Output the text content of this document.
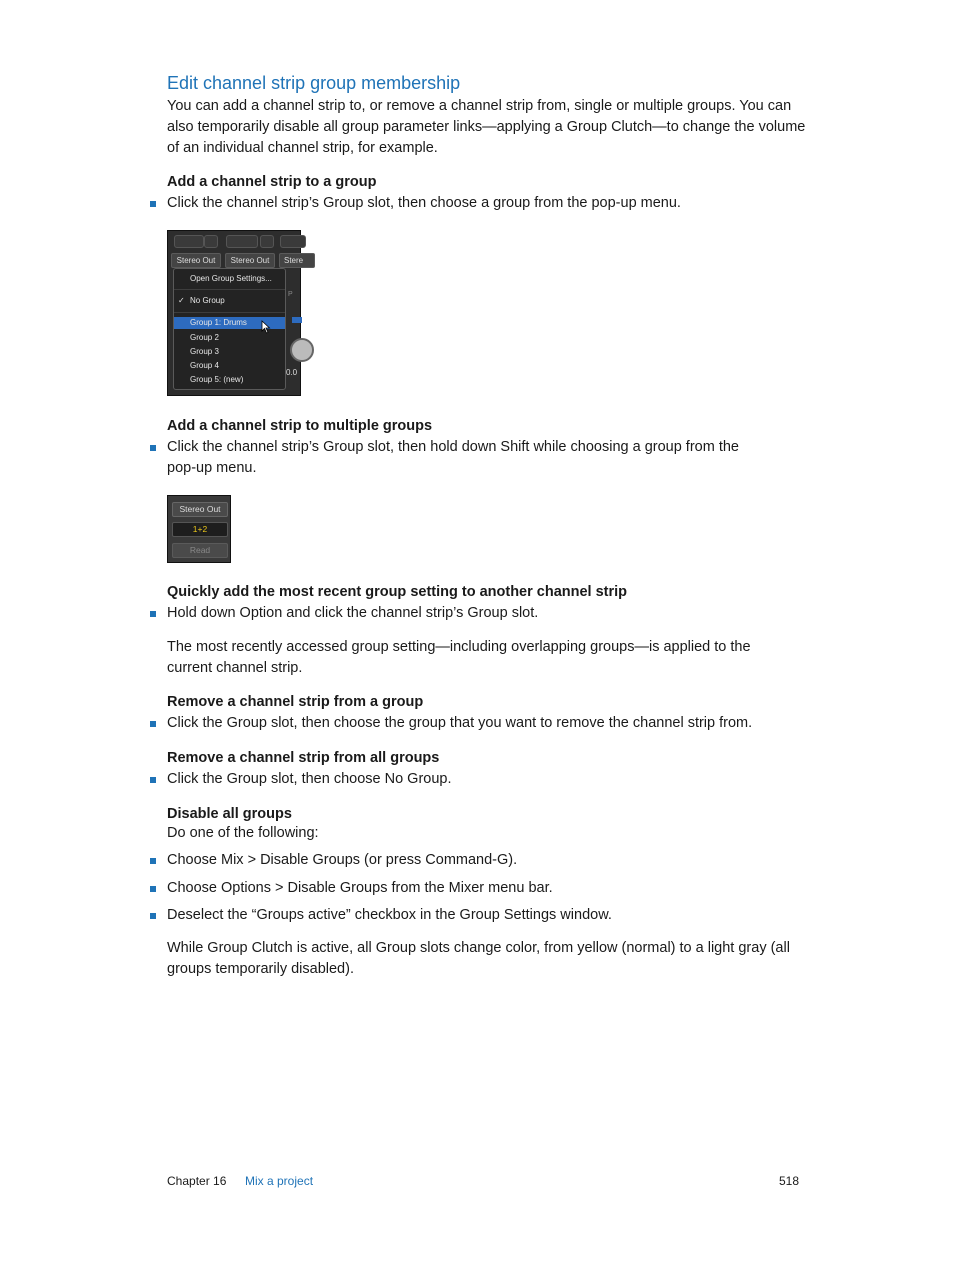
Edit channel strip group membership

You can add a channel strip to, or remove a channel strip from, single or multiple groups. You can also temporarily disable all group parameter links—applying a Group Clutch—to change the volume of an individual channel strip, for example.

Add a channel strip to a group

Click the channel strip’s Group slot, then choose a group from the pop-up menu.

Stereo Out	Stereo Out	Stere
P
0.0
Open Group Settings...
✓ No Group
Group 1: Drums
Group 2
Group 3
Group 4
Group 5: (new)
Add a channel strip to multiple groups

Click the channel strip’s Group slot, then hold down Shift while choosing a group from the pop-up menu.

Stereo Out
1+2
Read
Quickly add the most recent group setting to another channel strip

Hold down Option and click the channel strip’s Group slot.

The most recently accessed group setting—including overlapping groups—is applied to the current channel strip.

Remove a channel strip from a group

Click the Group slot, then choose the group that you want to remove the channel strip from.

Remove a channel strip from all groups

Click the Group slot, then choose No Group.

Disable all groups

Do one of the following:

Choose Mix > Disable Groups (or press Command-G).

Choose Options > Disable Groups from the Mixer menu bar.

Deselect the “Groups active” checkbox in the Group Settings window.

While Group Clutch is active, all Group slots change color, from yellow (normal) to a light gray (all groups temporarily disabled).

Chapter 16 Mix a project	518
